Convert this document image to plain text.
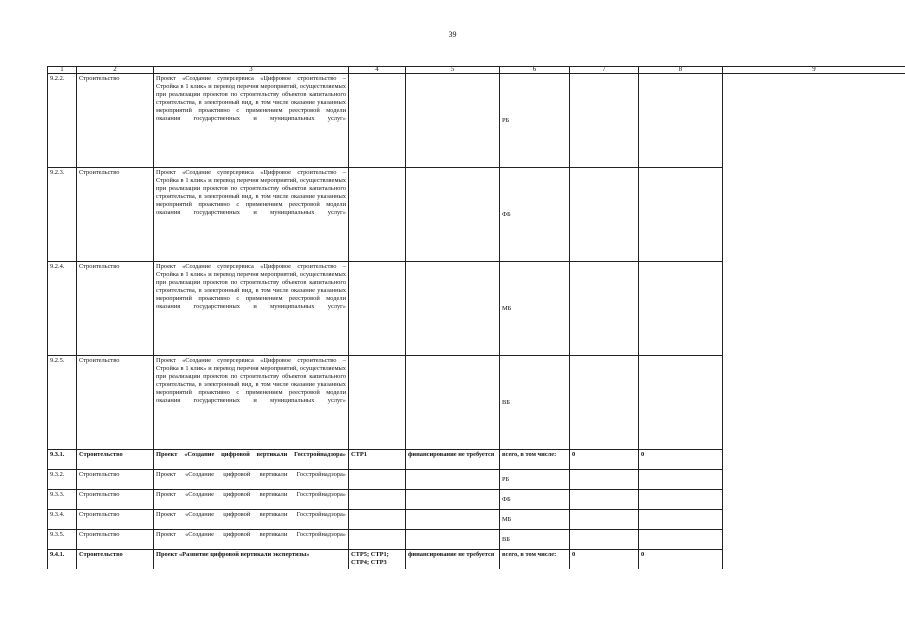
39
1	2	3	4	5	6	7	8	9
9.2.2.	Строительство	Проект «Создание суперсервиса «Цифровое строительство – Стройка в 1 клик» и перевод перечня мероприятий, осуществляемых при реализации проектов по строительству объектов капитального строительства, в электронный вид, в том числе оказание указанных мероприятий проактивно с применением реестровой модели оказания государственных и муниципальных услуг»			РБ			
9.2.3.	Строительство	Проект «Создание суперсервиса «Цифровое строительство – Стройка в 1 клик» и перевод перечня мероприятий, осуществляемых при реализации проектов по строительству объектов капитального строительства, в электронный вид, в том числе оказание указанных мероприятий проактивно с применением реестровой модели оказания государственных и муниципальных услуг»			ФБ			
9.2.4.	Строительство	Проект «Создание суперсервиса «Цифровое строительство – Стройка в 1 клик» и перевод перечня мероприятий, осуществляемых при реализации проектов по строительству объектов капитального строительства, в электронный вид, в том числе оказание указанных мероприятий проактивно с применением реестровой модели оказания государственных и муниципальных услуг»			МБ			
9.2.5.	Строительство	Проект «Создание суперсервиса «Цифровое строительство – Стройка в 1 клик» и перевод перечня мероприятий, осуществляемых при реализации проектов по строительству объектов капитального строительства, в электронный вид, в том числе оказание указанных мероприятий проактивно с применением реестровой модели оказания государственных и муниципальных услуг»			ВБ			
9.3.1.	Строительство	Проект «Создание цифровой вертикали Госстройнадзора»	СТР1	финансирование не требуется	всего, в том числе:	0	0	
9.3.2.	Строительство	Проект «Создание цифровой вертикали Госстройнадзора»			РБ			
9.3.3.	Строительство	Проект «Создание цифровой вертикали Госстройнадзора»			ФБ			
9.3.4.	Строительство	Проект «Создание цифровой вертикали Госстройнадзора»			МБ			
9.3.5.	Строительство	Проект «Создание цифровой вертикали Госстройнадзора»			ВБ			
9.4.1.	Строительство	Проект «Развитие цифровой вертикали экспертизы»	СТР5; СТР1; СТР4; СТР3	финансирование не требуется	всего, в том числе:	0	0	
